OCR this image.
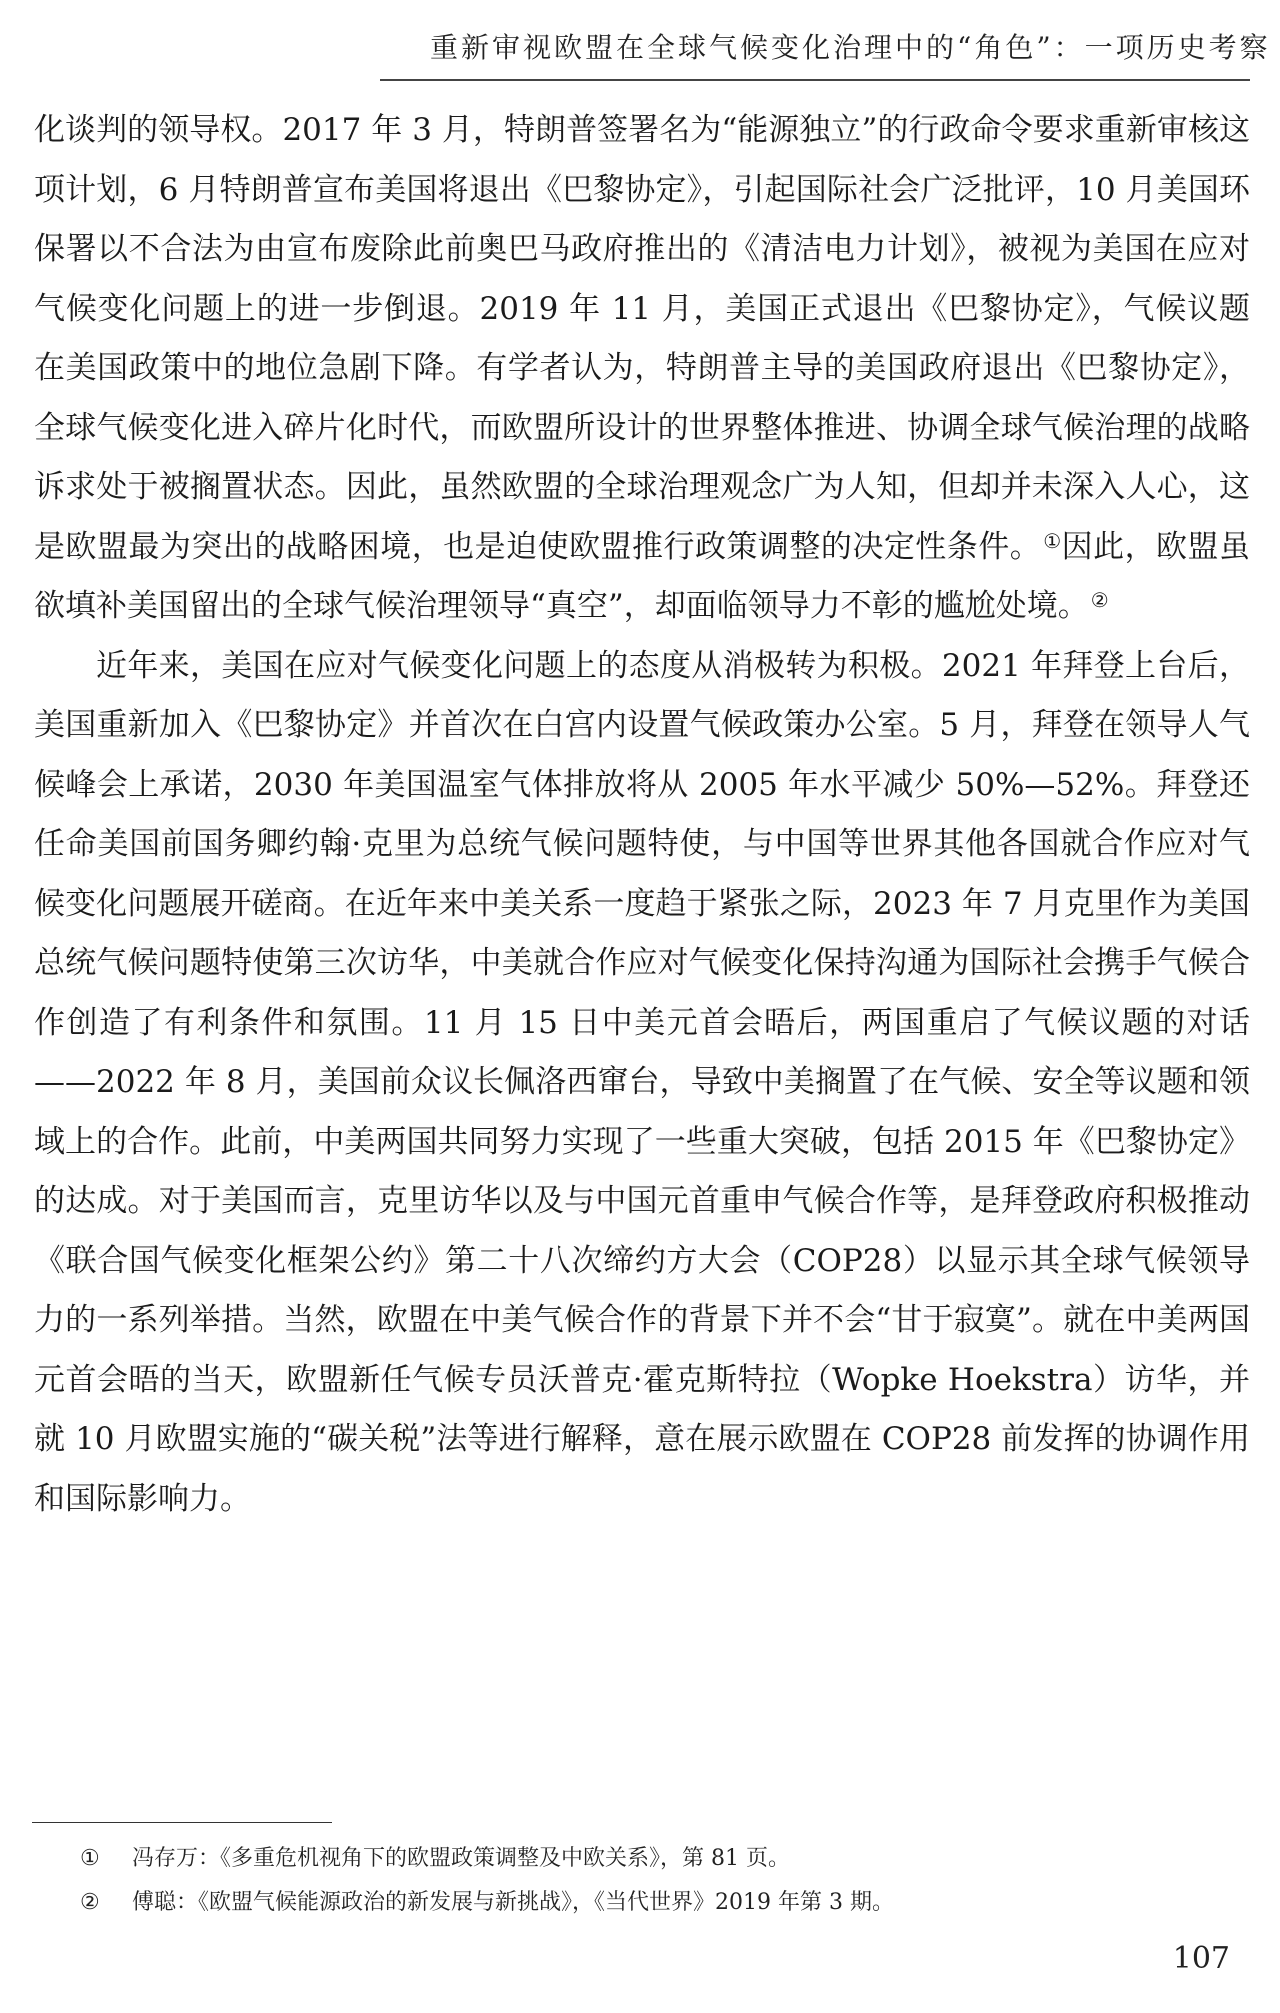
重新审视欧盟在全球气候变化治理中的“角色”：一项历史考察

化谈判的领导权。2017 年 3 月，特朗普签署名为“能源独立”的行政命令要求重新审核这项计划，6 月特朗普宣布美国将退出《巴黎协定》，引起国际社会广泛批评，10 月美国环保署以不合法为由宣布废除此前奥巴马政府推出的《清洁电力计划》，被视为美国在应对气候变化问题上的进一步倒退。2019 年 11 月，美国正式退出《巴黎协定》，气候议题在美国政策中的地位急剧下降。有学者认为，特朗普主导的美国政府退出《巴黎协定》，全球气候变化进入碎片化时代，而欧盟所设计的世界整体推进、协调全球气候治理的战略诉求处于被搁置状态。因此，虽然欧盟的全球治理观念广为人知，但却并未深入人心，这是欧盟最为突出的战略困境，也是迫使欧盟推行政策调整的决定性条件。 ①因此，欧盟虽欲填补美国留出的全球气候治理领导“真空”，却面临领导力不彰的尴尬处境。 ②

近年来，美国在应对气候变化问题上的态度从消极转为积极。2021 年拜登上台后，美国重新加入《巴黎协定》并首次在白宫内设置气候政策办公室。5 月，拜登在领导人气候峰会上承诺，2030 年美国温室气体排放将从 2005 年水平减少 50%—52%。拜登还任命美国前国务卿约翰·克里为总统气候问题特使，与中国等世界其他各国就合作应对气候变化问题展开磋商。在近年来中美关系一度趋于紧张之际，2023 年 7 月克里作为美国总统气候问题特使第三次访华，中美就合作应对气候变化保持沟通为国际社会携手气候合作创造了有利条件和氛围。11 月 15 日中美元首会晤后，两国重启了气候议题的对话——2022 年 8 月，美国前众议长佩洛西窜台，导致中美搁置了在气候、安全等议题和领域上的合作。此前，中美两国共同努力实现了一些重大突破，包括 2015 年《巴黎协定》的达成。对于美国而言，克里访华以及与中国元首重申气候合作等，是拜登政府积极推动《联合国气候变化框架公约》第二十八次缔约方大会（COP28）以显示其全球气候领导力的一系列举措。当然，欧盟在中美气候合作的背景下并不会“甘于寂寞”。就在中美两国元首会晤的当天，欧盟新任气候专员沃普克·霍克斯特拉（Wopke Hoekstra）访华，并就 10 月欧盟实施的“碳关税”法等进行解释，意在展示欧盟在 COP28 前发挥的协调作用和国际影响力。

①	冯存万：《多重危机视角下的欧盟政策调整及中欧关系》，第 81 页。
②	傅聪：《欧盟气候能源政治的新发展与新挑战》，《当代世界》2019 年第 3 期。
107
